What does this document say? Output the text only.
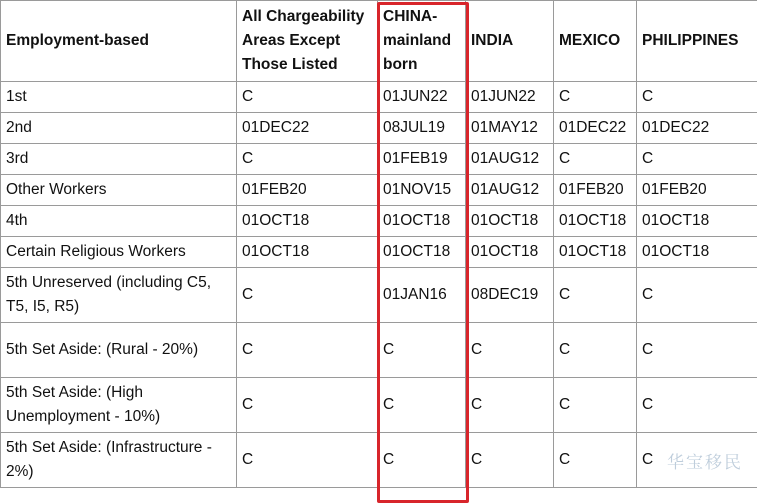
Employment-based	All Chargeability Areas Except Those Listed	CHINA-mainland born	INDIA	MEXICO	PHILIPPINES
1st	C	01JUN22	01JUN22	C	C
2nd	01DEC22	08JUL19	01MAY12	01DEC22	01DEC22
3rd	C	01FEB19	01AUG12	C	C
Other Workers	01FEB20	01NOV15	01AUG12	01FEB20	01FEB20
4th	01OCT18	01OCT18	01OCT18	01OCT18	01OCT18
Certain Religious Workers	01OCT18	01OCT18	01OCT18	01OCT18	01OCT18
5th Unreserved (including C5, T5, I5, R5)	C	01JAN16	08DEC19	C	C
5th Set Aside: (Rural - 20%)	C	C	C	C	C
5th Set Aside: (High Unemployment - 10%)	C	C	C	C	C
5th Set Aside: (Infrastructure - 2%)	C	C	C	C	C 华宝移民
